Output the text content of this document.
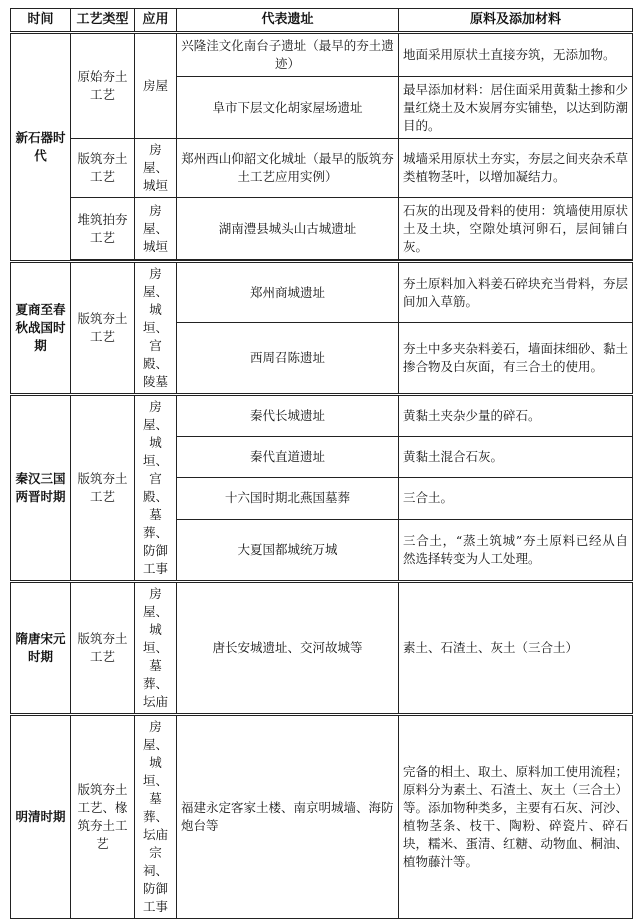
时间	工艺类型	应用	代表遗址	原料及添加材料
新石器时代	原始夯土工艺	房屋	兴隆洼文化南台子遗址（最早的夯土遗迹）	地面采用原状土直接夯筑，无添加物。
			阜市下层文化胡家屋场遗址	最早添加材料：居住面采用黄黏土掺和少量红烧土及木炭屑夯实铺垫，以达到防潮目的。
	版筑夯土工艺	房屋、城垣	郑州西山仰韶文化城址（最早的版筑夯土工艺应用实例）	城墙采用原状土夯实，夯层之间夹杂禾草类植物茎叶，以增加凝结力。
	堆筑拍夯工艺	房屋、城垣	湖南澧县城头山古城遗址	石灰的出现及骨料的使用：筑墙使用原状土及土块，空隙处填河卵石，层间铺白灰。

夏商至春秋战国时期	版筑夯土工艺	房屋、城垣、宫殿、陵墓	郑州商城遗址	夯土原料加入料姜石碎块充当骨料，夯层间加入草筋。
			西周召陈遗址	夯土中多夹杂料姜石，墙面抹细砂、黏土掺合物及白灰面，有三合土的使用。
秦汉三国两晋时期	版筑夯土工艺	房屋、城垣、宫殿、墓葬、防御工事	秦代长城遗址	黄黏土夹杂少量的碎石。
			秦代直道遗址	黄黏土混合石灰。
			十六国时期北燕国墓葬	三合土。
			大夏国都城统万城	三合土，“蒸土筑城”夯土原料已经从自然选择转变为人工处理。
隋唐宋元时期	版筑夯土工艺	房屋、城垣、墓葬、坛庙	唐长安城遗址、交河故城等	素土、石渣土、灰土（三合土）
明清时期	版筑夯土工艺、椽筑夯土工艺	房屋、城垣、墓葬、坛庙宗祠、防御工事	福建永定客家土楼、南京明城墙、海防炮台等	完备的相土、取土、原料加工使用流程；原料分为素土、石渣土、灰土（三合土）等。添加物种类多，主要有石灰、河沙、植物茎条、枝干、陶粉、碎瓷片、碎石块，糯米、蛋清、红糖、动物血、桐油、植物藤汁等。
